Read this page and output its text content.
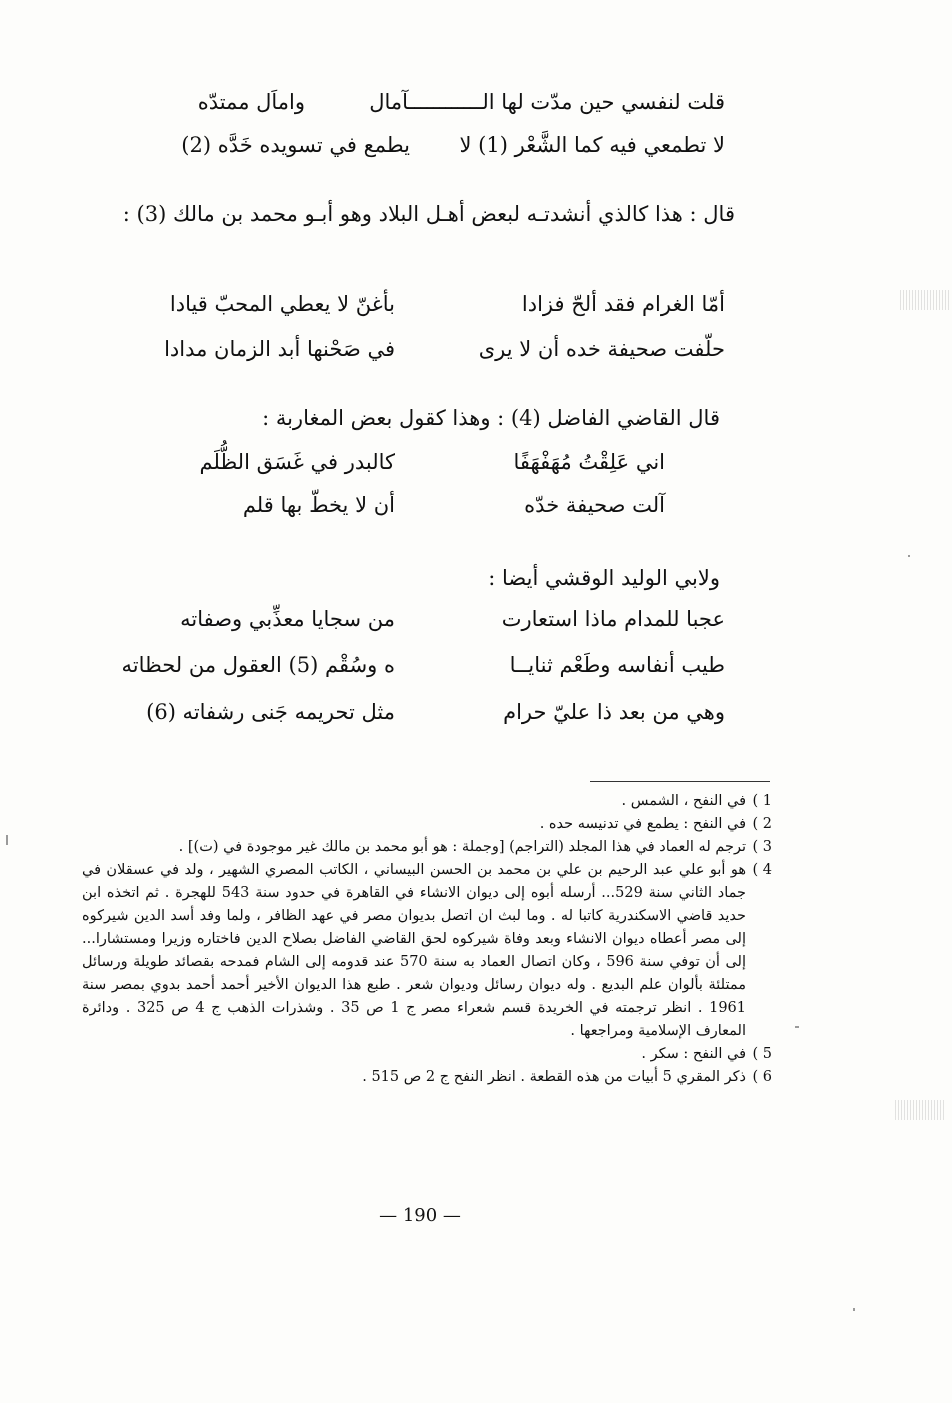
قلت لنفسي حين مدّت لها الــــــــــــآمال
واماَل ممتدّه
لا تطمعي فيه كما الشَّعْر (1) لا
يطمع في تسويده خَدَّه (2)
قال : هذا كالذي أنشدتـه لبعض أهـل البلاد وهو أبـو محمد بن مالك (3) :
أمّا الغرام فقد ألحّ فزادا
بأغنّ لا يعطي المحبّ قيادا
حلّفت صحيفة خده أن لا يرى
في صَحْنها أبد الزمان مدادا
قال القاضي الفاضل (4) : وهذا كقول بعض المغاربة :
اني عَلِقْتُ مُهَفْهَفًا
كالبدر في غَسَق الظُّلَم
آلت صحيفة خدّه
أن لا يخطّ بها قلم
ولابي الوليد الوقشي أيضا :
عجبا للمدام ماذا استعارت
من سجايا معذِّبي وصفاته
طيب أنفاسه وطَعْم ثنايــا
ه وسُقْم (5) العقول من لحظاته
وهي من بعد ذا عليّ حرام
مثل تحريمه جَنى رشفاته (6)
1 )
في النفح ، الشمس .
2 )
في النفح : يطمع في تدنيسه حده .
3 )
ترجم له العماد في هذا المجلد (التراجم) [وجملة : هو أبو محمد بن مالك غير موجودة في (ت)] .
4 )
هو أبو علي عبد الرحيم بن علي بن محمد بن الحسن البيساني ، الكاتب المصري الشهير ، ولد في عسقلان في جماد الثاني سنة 529... أرسله أبوه إلى ديوان الانشاء في القاهرة في حدود سنة 543 للهجرة . ثم اتخذه ابن حديد قاضي الاسكندرية كاتبا له . وما لبث ان اتصل بديوان مصر في عهد الظافر ، ولما وفد أسد الدين شيركوه إلى مصر أعطاه ديوان الانشاء وبعد وفاة شيركوه لحق القاضي الفاضل بصلاح الدين فاختاره وزيرا ومستشارا... إلى أن توفي سنة 596 ، وكان اتصال العماد به سنة 570 عند قدومه إلى الشام فمدحه بقصائد طويلة ورسائل ممتلئة بألوان علم البديع . وله ديوان رسائل وديوان شعر . طبع هذا الديوان الأخير أحمد أحمد بدوي بمصر سنة 1961 . انظر ترجمته في الخريدة قسم شعراء مصر ج 1 ص 35 . وشذرات الذهب ج 4 ص 325 . ودائرة المعارف الإسلامية ومراجعها .
5 )
في النفح : سكر .
6 )
ذكر المقري 5 أبيات من هذه القطعة . انظر النفح ج 2 ص 515 .
— 190 —
